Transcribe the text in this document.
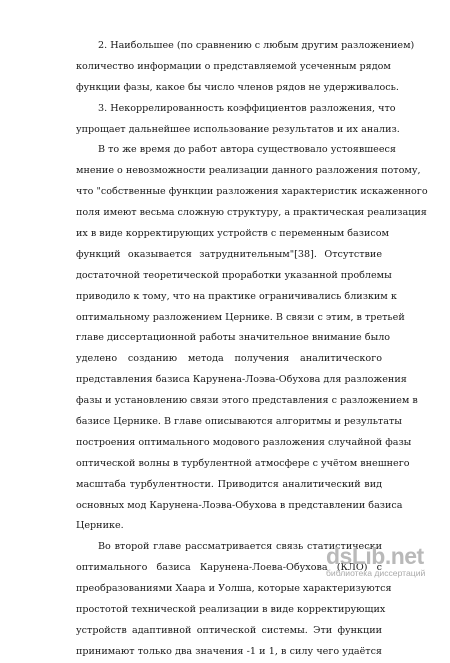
2. Наибольшее (по сравнению с любым другим разложением)
количество информации о представляемой усеченным рядом
функции фазы, какое бы число членов рядов не удерживалось.
3. Некоррелированность коэффициентов разложения, что
упрощает дальнейшее использование результатов и их анализ.
В то же время до работ автора существовало устоявшееся
мнение о невозможности реализации данного разложения потому,
что "собственные функции разложения характеристик искаженного
поля имеют весьма сложную структуру, а практическая реализация
их в виде корректирующих устройств с переменным базисом
функций оказывается затруднительным"[38]. Отсутствие
достаточной теоретической проработки указанной проблемы
приводило к тому, что на практике ограничивались близким к
оптимальному разложением Цернике. В связи с этим, в третьей
главе диссертационной работы значительное внимание было
уделено созданию метода получения аналитического
представления базиса Карунена-Лоэва-Обухова для разложения
фазы и установлению связи этого представления с разложением в
базисе Цернике. В главе описываются алгоритмы и результаты
построения оптимального модового разложения случайной фазы
оптической волны в турбулентной атмосфере с учётом внешнего
масштаба турбулентности. Приводится аналитический вид
основных мод Карунена-Лоэва-Обухова в представлении базиса
Цернике.
Во второй главе рассматривается связь статистически
оптимального базиса Карунена-Лоева-Обухова (КЛО) с
преобразованиями Хаара и Уолша, которые характеризуются
простотой технической реализации в виде корректирующих
устройств адаптивной оптической системы. Эти функции
принимают только два значения -1 и 1, в силу чего удаётся
dsLib.net
библиотека диссертаций
